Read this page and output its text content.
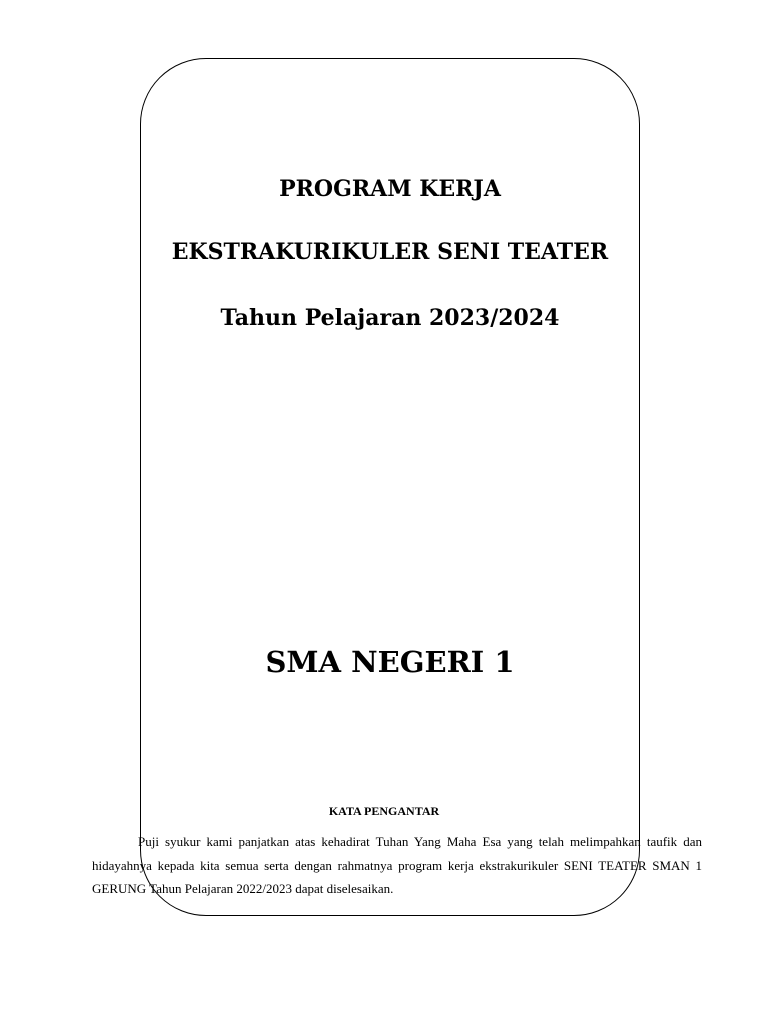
PROGRAM KERJA
EKSTRAKURIKULER SENI TEATER
Tahun Pelajaran 2023/2024
SMA NEGERI 1
KATA PENGANTAR

Puji syukur kami panjatkan atas kehadirat Tuhan Yang Maha Esa yang telah melimpahkan taufik dan hidayahnya kepada kita semua serta dengan rahmatnya program kerja ekstrakurikuler SENI TEATER SMAN 1 GERUNG Tahun Pelajaran 2022/2023 dapat diselesaikan.
